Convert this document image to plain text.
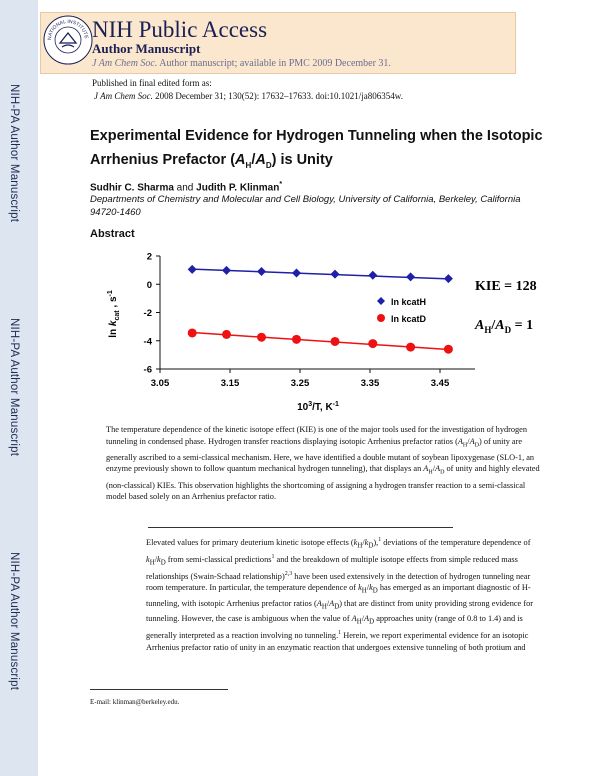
NIH-PA Author Manuscript
NIH-PA Author Manuscript
NIH-PA Author Manuscript
NATIONAL INSTITUTE NIH Public Access
Author Manuscript
J Am Chem Soc. Author manuscript; available in PMC 2009 December 31.
Published in final edited form as:
J Am Chem Soc. 2008 December 31; 130(52): 17632–17633. doi:10.1021/ja806354w.
Experimental Evidence for Hydrogen Tunneling when the Isotopic
Arrhenius Prefactor $(A_H/A_D)$ is Unity
Sudhir C. Sharma and Judith P. Klinman*
Departments of Chemistry and Molecular and Cell Biology, University of California, Berkeley, California 94720-1460
Abstract
3.05	3.15	3.25	3.35	3.45
2
0
-2
-4
-6
$10^3/T$, $K^{-1}$
$\ln k_{cat}$ , $s^{-1}$
ln kcatH
ln kcatD
KIE = 128
$A_H/A_D = 1$
The temperature dependence of the kinetic isotope effect (KIE) is one of the major tools used for the investigation of hydrogen tunneling in condensed phase. Hydrogen transfer reactions displaying isotopic Arrhenius prefactor ratios $(A_H/A_D)$ of unity are generally ascribed to a semi-classical mechanism. Here, we have identified a double mutant of soybean lipoxygenase (SLO-1, an enzyme previously shown to follow quantum mechanical hydrogen tunneling), that displays an $A_H/A_D$ of unity and highly elevated (non-classical) KIEs. This observation highlights the shortcoming of assigning a hydrogen transfer reaction to a semi-classical model based solely on an Arrhenius prefactor ratio.
Elevated values for primary deuterium kinetic isotope effects $(k_H/k_D),^1$ deviations of the temperature dependence of $k_H/k_D$ from semi-classical predictions$^1$ and the breakdown of multiple isotope effects from simple reduced mass relationships (Swain-Schaad relationship)$^{2,3}$ have been used extensively in the detection of hydrogen tunneling near room temperature. In particular, the temperature dependence of $k_H/k_D$ has emerged as an important diagnostic of H-tunneling, with isotopic Arrhenius prefactor ratios $(A_H/A_D)$ that are distinct from unity providing strong evidence for tunneling. However, the case is ambiguous when the value of $A_H/A_D$ approaches unity (range of 0.8 to 1.4) and is generally interpreted as a reaction involving no tunneling.$^1$ Herein, we report experimental evidence for an isotopic Arrhenius prefactor ratio of unity in an enzymatic reaction that undergoes extensive tunneling of both protium and
E-mail: klinman@berkeley.edu.
